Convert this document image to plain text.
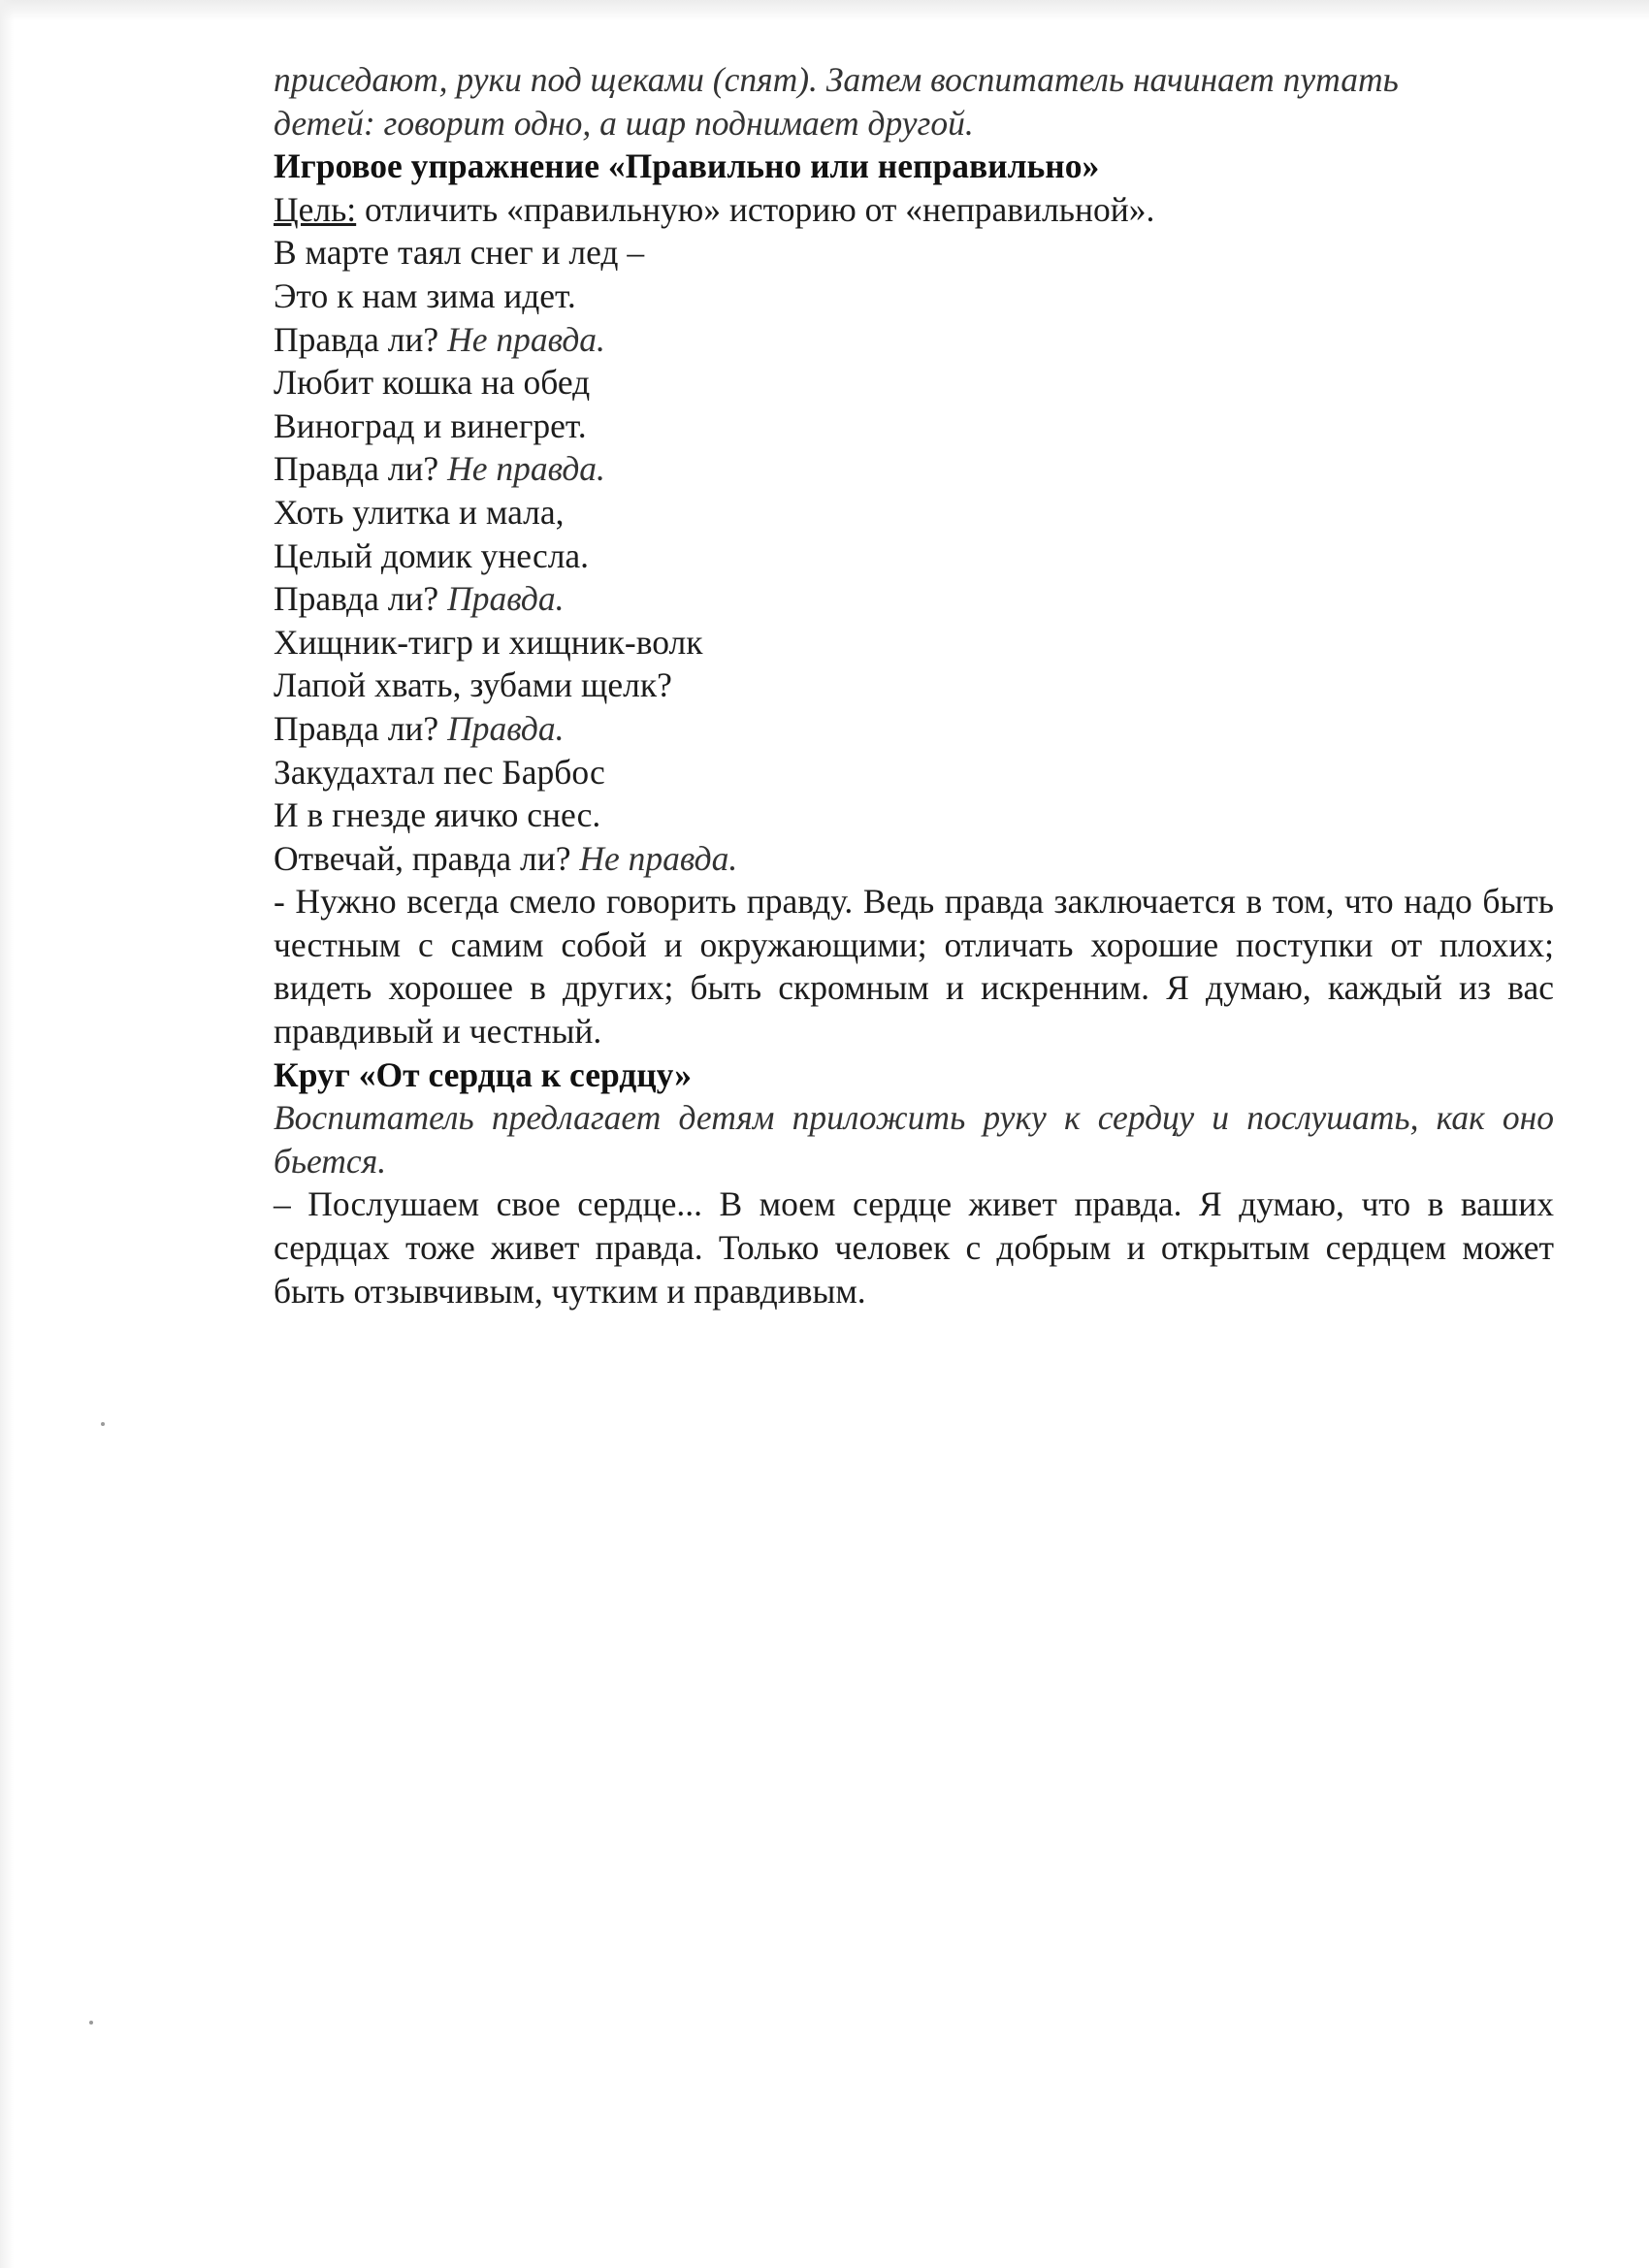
приседают, руки под щеками (спят). Затем воспитатель начинает путать
детей: говорит одно, а шар поднимает другой.
Игровое упражнение «Правильно или неправильно»
Цель: отличить «правильную» историю от «неправильной».
В марте таял снег и лед –
Это к нам зима идет.
Правда ли? Не правда.
Любит кошка на обед
Виноград и винегрет.
Правда ли? Не правда.
Хоть улитка и мала,
Целый домик унесла.
Правда ли? Правда.
Хищник-тигр и хищник-волк
Лапой хвать, зубами щелк?
Правда ли? Правда.
Закудахтал пес Барбос
И в гнезде яичко снес.
Отвечай, правда ли? Не правда.

- Нужно всегда смело говорить правду. Ведь правда заключается в том, что надо быть честным с самим собой и окружающими; отличать хорошие поступки от плохих; видеть хорошее в других; быть скромным и искренним. Я думаю, каждый из вас правдивый и честный.

Круг «От сердца к сердцу»

Воспитатель предлагает детям приложить руку к сердцу и послушать, как оно бьется.

– Послушаем свое сердце... В моем сердце живет правда. Я думаю, что в ваших сердцах тоже живет правда. Только человек с добрым и открытым сердцем может быть отзывчивым, чутким и правдивым.
